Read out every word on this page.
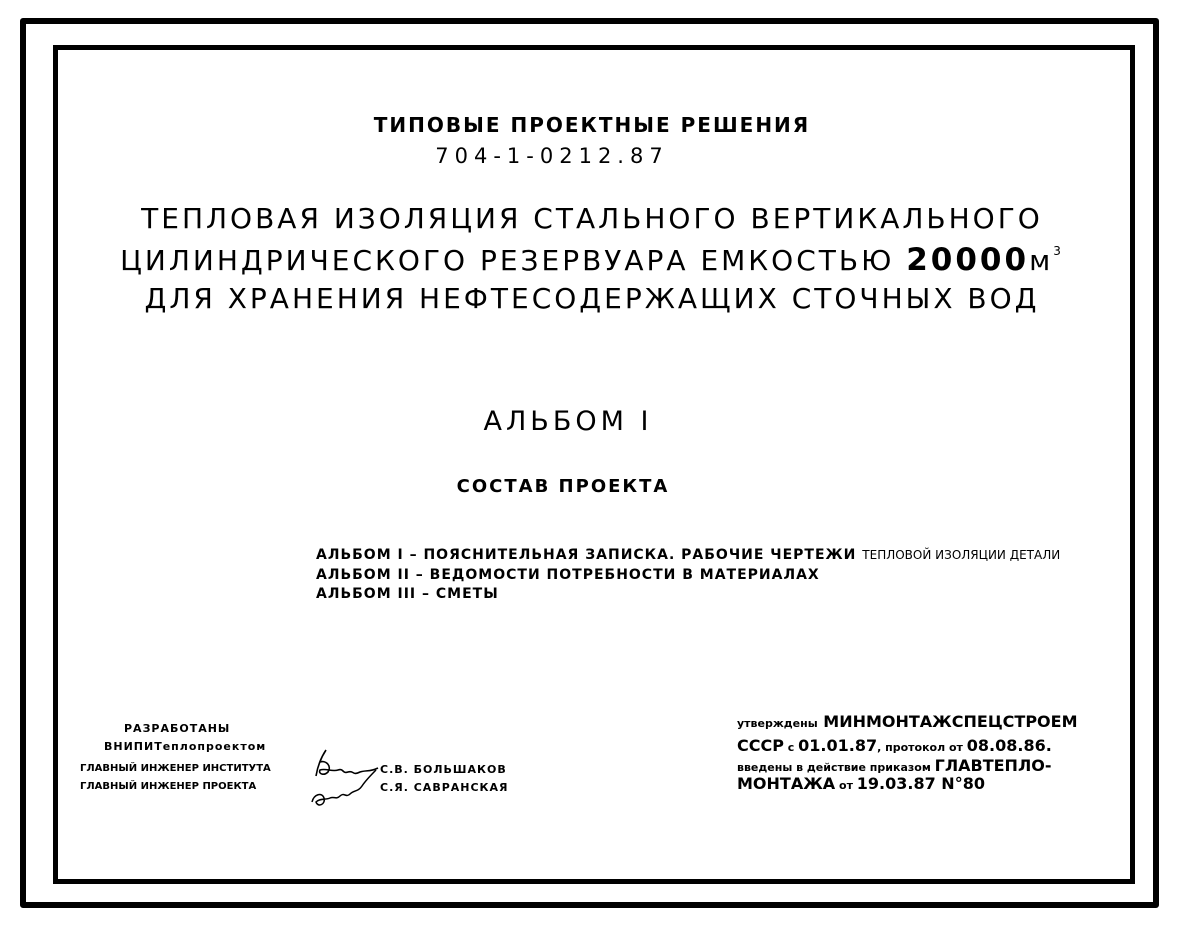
ТИПОВЫЕ ПРОЕКТНЫЕ РЕШЕНИЯ
704-1-0212.87
ТЕПЛОВАЯ ИЗОЛЯЦИЯ СТАЛЬНОГО ВЕРТИКАЛЬНОГО
ЦИЛИНДРИЧЕСКОГО РЕЗЕРВУАРА ЕМКОСТЬЮ $20000м^3$
ДЛЯ ХРАНЕНИЯ НЕФТЕСОДЕРЖАЩИХ СТОЧНЫХ ВОД
АЛЬБОМ I
СОСТАВ ПРОЕКТА
АЛЬБОМ I – ПОЯСНИТЕЛЬНАЯ ЗАПИСКА. РАБОЧИЕ ЧЕРТЕЖИ ТЕПЛОВОЙ ИЗОЛЯЦИИ ДЕТАЛИ
АЛЬБОМ II – ВЕДОМОСТИ ПОТРЕБНОСТИ В МАТЕРИАЛАХ
АЛЬБОМ III – СМЕТЫ
РАЗРАБОТАНЫ
ВНИПИТеплопроектом
ГЛАВНЫЙ ИНЖЕНЕР ИНСТИТУТА
ГЛАВНЫЙ ИНЖЕНЕР ПРОЕКТА
С.В. БОЛЬШАКОВ
С.Я. САВРАНСКАЯ
утверждены МИНМОНТАЖСПЕЦСТРОЕМ
СССР с 01.01.87, протокол от 08.08.86.
введены в действие приказом ГЛАВТЕПЛО-
МОНТАЖА от 19.03.87 N°80
